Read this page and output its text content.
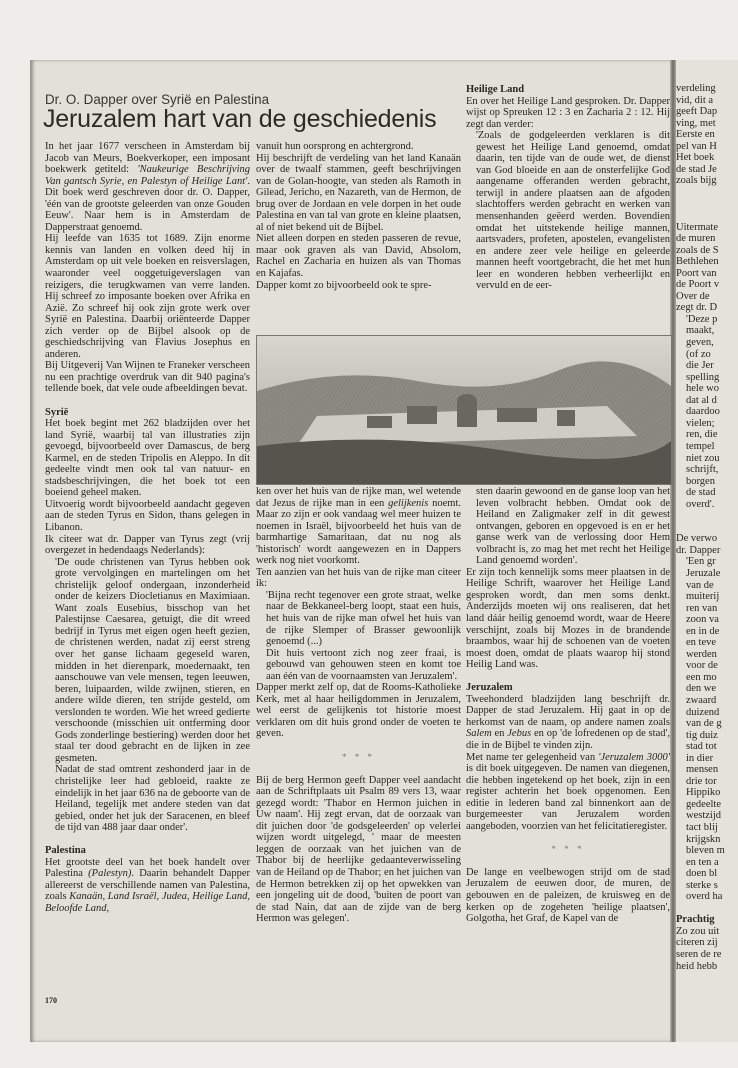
verdeling
vid, dit a
geeft Dap
ving, met
Eerste en
pel van H
Het boek
de stad Je
zoals bijg
Uitermate
de muren
zoals de S
Bethlehen
Poort van
de Poort v
Over de
zegt dr. D
'Deze p
maakt,
geven,
(of zo
die Jer
spelling
hele wo
dat al d
daardoo
vielen;
ren, die
tempel
niet zou
schrijft,
borgen
de stad
overd'.
De verwo
dr. Dapper
'Een gr
Jeruzale
van de
muiterij
ren van
zoon va
en in de
en teve
werden
voor de
een mo
den we
zwaard
duizend
van de g
tig duiz
stad tot
in dier
mensen
drie tor
Hippiko
gedeelte
westzijd
tact blij
krijgskn
bleven m
en ten a
doen bl
sterke s
overd ha
Prachtig
Zo zou uit
citeren zij
seren de re
heid hebb
Dr. O. Dapper over Syrië en Palestina
Jeruzalem hart van de geschiedenis

In het jaar 1677 verscheen in Amsterdam bij Jacob van Meurs, Boekverkoper, een imposant boekwerk getiteld: 'Naukeurige Beschrijving Van gantsch Syrie, en Palestyn of Heilige Lant'. Dit boek werd geschreven door dr. O. Dapper, 'één van de grootste geleerden van onze Gouden Eeuw'. Naar hem is in Amsterdam de Dapperstraat genoemd.

Hij leefde van 1635 tot 1689. Zijn enorme kennis van landen en volken deed hij in Amsterdam op uit vele boeken en reisverslagen, waaronder veel ooggetuigeverslagen van reizigers, die terugkwamen van verre landen. Hij schreef zo imposante boeken over Afrika en Azië. Zo schreef hij ook zijn grote werk over Syrië en Palestina. Daarbij oriënteerde Dapper zich verder op de Bijbel alsook op de geschiedschrijving van Flavius Josephus en anderen.

Bij Uitgeverij Van Wijnen te Franeker verscheen nu een prachtige overdruk van dit 940 pagina's tellende boek, dat vele oude afbeeldingen bevat.

Syrië

Het boek begint met 262 bladzijden over het land Syrië, waarbij tal van illustraties zijn gevoegd, bijvoorbeeld over Damascus, de berg Karmel, en de steden Tripolis en Aleppo. In dit gedeelte vindt men ook tal van natuur- en stadsbeschrijvingen, die het boek tot een boeiend geheel maken.

Uitvoerig wordt bijvoorbeeld aandacht gegeven aan de steden Tyrus en Sidon, thans gelegen in Libanon.

Ik citeer wat dr. Dapper van Tyrus zegt (vrij overgezet in hedendaags Nederlands):

'De oude christenen van Tyrus hebben ook grote vervolgingen en martelingen om het christelijk geloof ondergaan, inzonderheid onder de keizers Diocletianus en Maximiaan. Want zoals Eusebius, bisschop van het Palestijnse Caesarea, getuigt, die dit wreed bedrijf in Tyrus met eigen ogen heeft gezien, de christenen werden, nadat zij eerst streng over het ganse lichaam gegeseld waren, midden in het dierenpark, moedernaakt, ten aanschouwe van vele mensen, tegen leeuwen, beren, luipaarden, wilde zwijnen, stieren, en andere wilde dieren, ten strijde gesteld, om verslonden te worden. Wie het wreed gedierte verschoonde (misschien uit ontferming door Gods zonderlinge bestiering) werden door het staal ter dood gebracht en de lijken in zee gesmeten.

Nadat de stad omtrent zeshonderd jaar in de christelijke leer had gebloeid, raakte ze eindelijk in het jaar 636 na de geboorte van de Heiland, tegelijk met andere steden van dat gebied, onder het juk der Saracenen, en bleef de tijd van 488 jaar daar onder'.

Palestina

Het grootste deel van het boek handelt over Palestina (Palestyn). Daarin behandelt Dapper allereerst de verschillende namen van Palestina, zoals Kanaän, Land Israël, Judea, Heilige Land, Beloofde Land,

vanuit hun oorsprong en achtergrond.

Hij beschrijft de verdeling van het land Kanaän over de twaalf stammen, geeft beschrijvingen van de Golan-hoogte, van steden als Ramoth in Gilead, Jericho, en Nazareth, van de Hermon, de brug over de Jordaan en vele dorpen in het oude Palestina en van tal van grote en kleine plaatsen, al of niet bekend uit de Bijbel.

Niet alleen dorpen en steden passeren de revue, maar ook graven als van David, Absolom, Rachel en Zacharia en huizen als van Thomas en Kajafas.

Dapper komt zo bijvoorbeeld ook te spre-

Heilige Land

En over het Heilige Land gesproken. Dr. Dapper wijst op Spreuken 12 : 3 en Zacharia 2 : 12. Hij zegt dan verder:

'Zoals de godgeleerden verklaren is dit gewest het Heilige Land genoemd, omdat daarin, ten tijde van de oude wet, de dienst van God bloeide en aan de onsterfelijke God aangename offeranden werden gebracht, terwijl in andere plaatsen aan de afgoden slachtoffers werden gebracht en werken van mensenhanden geëerd werden. Bovendien omdat het uitstekende heilige mannen, aartsvaders, profeten, apostelen, evangelisten en andere zeer vele heilige en geleerde mannen heeft voortgebracht, die het met hun leer en wonderen hebben verheerlijkt en vervuld en de eer-

ken over het huis van de rijke man, wel wetende dat Jezus de rijke man in een gelijkenis noemt. Maar zo zijn er ook vandaag wel meer huizen te noemen in Israël, bijvoorbeeld het huis van de barmhartige Samaritaan, dat nu nog als 'historisch' wordt aangewezen en in Dappers werk nog niet voorkomt.

Ten aanzien van het huis van de rijke man citeer ik:

'Bijna recht tegenover een grote straat, welke naar de Bekkaneel-berg loopt, staat een huis, het huis van de rijke man ofwel het huis van de rijke Slemper of Brasser gewoonlijk genoemd (...)

Dit huis vertoont zich nog zeer fraai, is gebouwd van gehouwen steen en komt toe aan één van de voornaamsten van Jeruzalem'.

Dapper merkt zelf op, dat de Rooms-Katholieke Kerk, met al haar heiligdommen in Jeruzalem, wel eerst de gelijkenis tot historie moest verklaren om dit huis grond onder de voeten te geven.

* * *

Bij de berg Hermon geeft Dapper veel aandacht aan de Schriftplaats uit Psalm 89 vers 13, waar gezegd wordt: 'Thabor en Hermon juichen in Uw naam'. Hij zegt ervan, dat de oorzaak van dit juichen door 'de godsgeleerden' op velerlei wijzen wordt uitgelegd, ' maar de meesten leggen de oorzaak van het juichen van de Thabor bij de heerlijke gedaanteverwisseling van de Heiland op de Thabor; en het juichen van de Hermon betrekken zij op het opwekken van een jongeling uit de dood, 'buiten de poort van de stad Nain, dat aan de zijde van de berg Hermon was gelegen'.

sten daarin gewoond en de ganse loop van het leven volbracht hebben. Omdat ook de Heiland en Zaligmaker zelf in dit gewest ontvangen, geboren en opgevoed is en er het ganse werk van de verlossing door Hem volbracht is, zo mag het met recht het Heilige Land genoemd worden'.

Er zijn toch kennelijk soms meer plaatsen in de Heilige Schrift, waarover het Heilige Land gesproken wordt, dan men soms denkt. Anderzijds moeten wij ons realiseren, dat het land dáár heilig genoemd wordt, waar de Heere verschijnt, zoals bij Mozes in de brandende braambos, waar hij de schoenen van de voeten moest doen, omdat de plaats waarop hij stond Heilig Land was.

Jeruzalem

Tweehonderd bladzijden lang beschrijft dr. Dapper de stad Jeruzalem. Hij gaat in op de herkomst van de naam, op andere namen zoals Salem en Jebus en op 'de lofredenen op de stad', die in de Bijbel te vinden zijn.

Met name ter gelegenheid van 'Jeruzalem 3000' is dit boek uitgegeven. De namen van diegenen, die hebben ingetekend op het boek, zijn in een register achterin het boek opgenomen. Een editie in lederen band zal binnenkort aan de burgemeester van Jeruzalem worden aangeboden, voorzien van het felicitatieregister.

* * *

De lange en veelbewogen strijd om de stad Jeruzalem de eeuwen door, de muren, de gebouwen en de paleizen, de kruisweg en de kerken op de zogeheten 'heilige plaatsen', Golgotha, het Graf, de Kapel van de

170
